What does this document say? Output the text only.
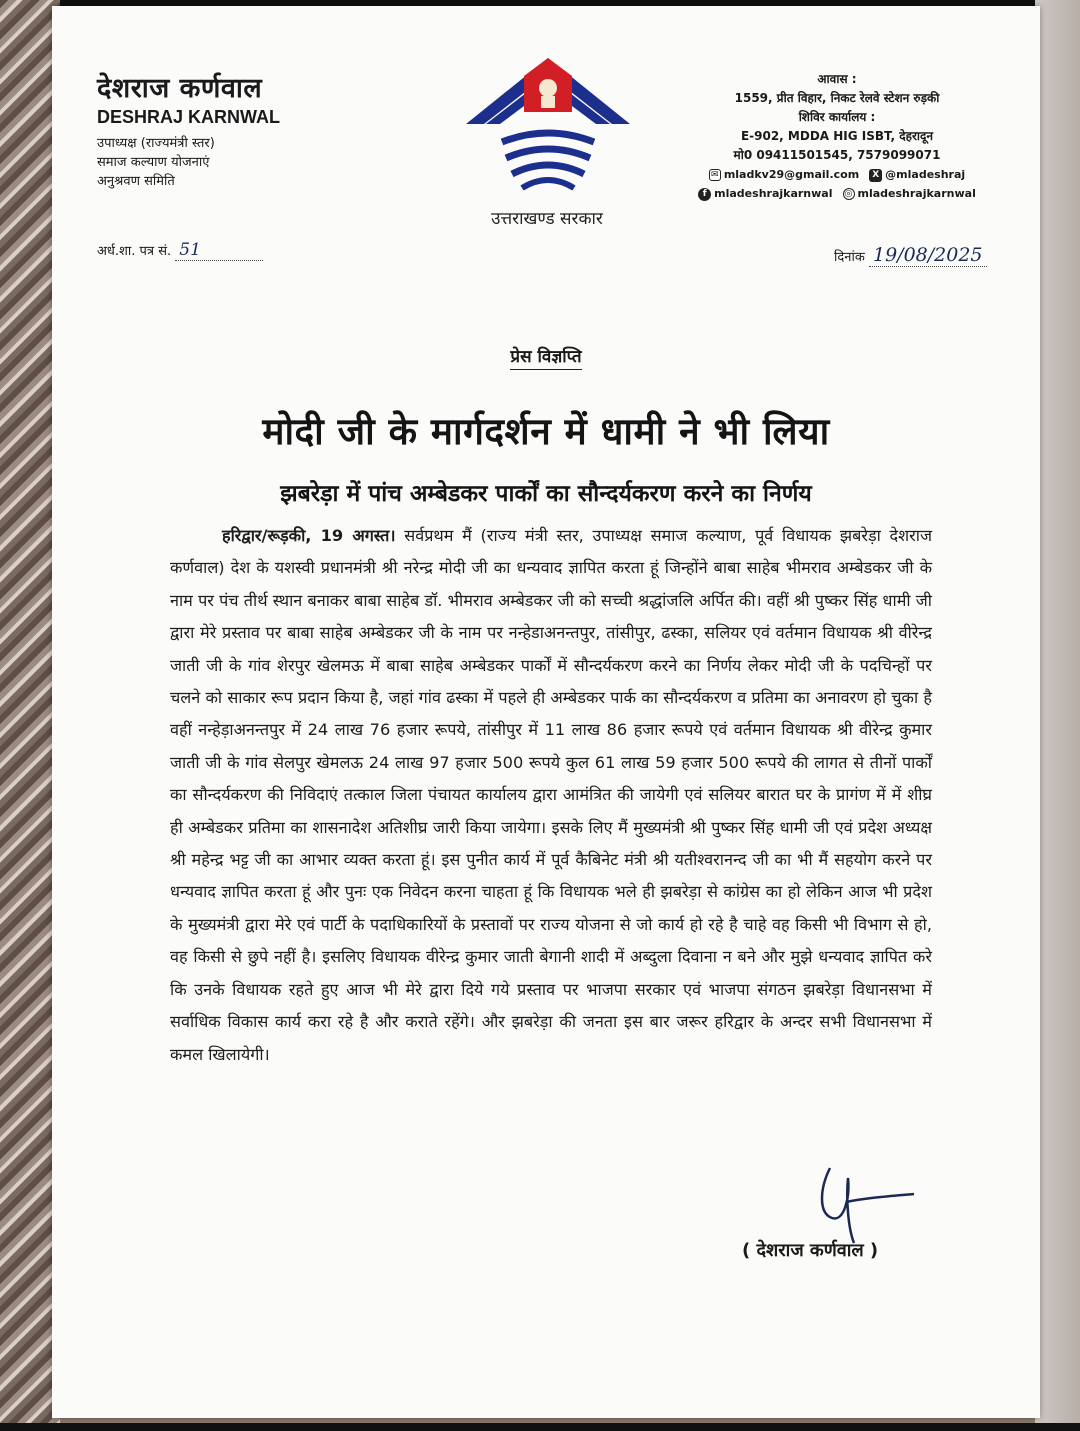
देशराज कर्णवाल
DESHRAJ KARNWAL
उपाध्यक्ष (राज्यमंत्री स्तर)
समाज कल्याण योजनाएं
अनुश्रवण समिति
अर्ध.शा. पत्र सं. 51
उत्तराखण्ड सरकार
आवास :
1559, प्रीत विहार, निकट रेलवे स्टेशन रुड़की
शिविर कार्यालय :
E-902, MDDA HIG ISBT, देहरादून
मो0 09411501545, 7579099071
✉ mladkv29@gmail.com	X @mladeshraj
f mladeshrajkarnwal ◎ mladeshrajkarnwal
दिनांक 19/08/2025
प्रेस विज्ञप्ति
मोदी जी के मार्गदर्शन में धामी ने भी लिया
झबरेड़ा में पांच अम्बेडकर पार्कों का सौन्दर्यकरण करने का निर्णय
हरिद्वार/रूड़की, 19 अगस्त। सर्वप्रथम मैं (राज्य मंत्री स्तर, उपाध्यक्ष समाज कल्याण, पूर्व विधायक झबरेड़ा देशराज कर्णवाल) देश के यशस्वी प्रधानमंत्री श्री नरेन्द्र मोदी जी का धन्यवाद ज्ञापित करता हूं जिन्होंने बाबा साहेब भीमराव अम्बेडकर जी के नाम पर पंच तीर्थ स्थान बनाकर बाबा साहेब डॉ. भीमराव अम्बेडकर जी को सच्ची श्रद्धांजलि अर्पित की। वहीं श्री पुष्कर सिंह धामी जी द्वारा मेरे प्रस्ताव पर बाबा साहेब अम्बेडकर जी के नाम पर नन्हेडाअनन्तपुर, तांसीपुर, ढस्का, सलियर एवं वर्तमान विधायक श्री वीरेन्द्र जाती जी के गांव शेरपुर खेलमऊ में बाबा साहेब अम्बेडकर पार्कों में सौन्दर्यकरण करने का निर्णय लेकर मोदी जी के पदचिन्हों पर चलने को साकार रूप प्रदान किया है, जहां गांव ढस्का में पहले ही अम्बेडकर पार्क का सौन्दर्यकरण व प्रतिमा का अनावरण हो चुका है वहीं नन्हेड़ाअनन्तपुर में 24 लाख 76 हजार रूपये, तांसीपुर में 11 लाख 86 हजार रूपये एवं वर्तमान विधायक श्री वीरेन्द्र कुमार जाती जी के गांव सेलपुर खेमलऊ 24 लाख 97 हजार 500 रूपये कुल 61 लाख 59 हजार 500 रूपये की लागत से तीनों पार्कों का सौन्दर्यकरण की निविदाएं तत्काल जिला पंचायत कार्यालय द्वारा आमंत्रित की जायेगी एवं सलियर बारात घर के प्रागंण में में शीघ्र ही अम्बेडकर प्रतिमा का शासनादेश अतिशीघ्र जारी किया जायेगा। इसके लिए मैं मुख्यमंत्री श्री पुष्कर सिंह धामी जी एवं प्रदेश अध्यक्ष श्री महेन्द्र भट्ट जी का आभार व्यक्त करता हूं। इस पुनीत कार्य में पूर्व कैबिनेट मंत्री श्री यतीश्वरानन्द जी का भी मैं सहयोग करने पर धन्यवाद ज्ञापित करता हूं और पुनः एक निवेदन करना चाहता हूं कि विधायक भले ही झबरेड़ा से कांग्रेस का हो लेकिन आज भी प्रदेश के मुख्यमंत्री द्वारा मेरे एवं पार्टी के पदाधिकारियों के प्रस्तावों पर राज्य योजना से जो कार्य हो रहे है चाहे वह किसी भी विभाग से हो, वह किसी से छुपे नहीं है। इसलिए विधायक वीरेन्द्र कुमार जाती बेगानी शादी में अब्दुला दिवाना न बने और मुझे धन्यवाद ज्ञापित करे कि उनके विधायक रहते हुए आज भी मेरे द्वारा दिये गये प्रस्ताव पर भाजपा सरकार एवं भाजपा संगठन झबरेड़ा विधानसभा में सर्वाधिक विकास कार्य करा रहे है और कराते रहेंगे। और झबरेड़ा की जनता इस बार जरूर हरिद्वार के अन्दर सभी विधानसभा में कमल खिलायेगी।
( देशराज कर्णवाल )
